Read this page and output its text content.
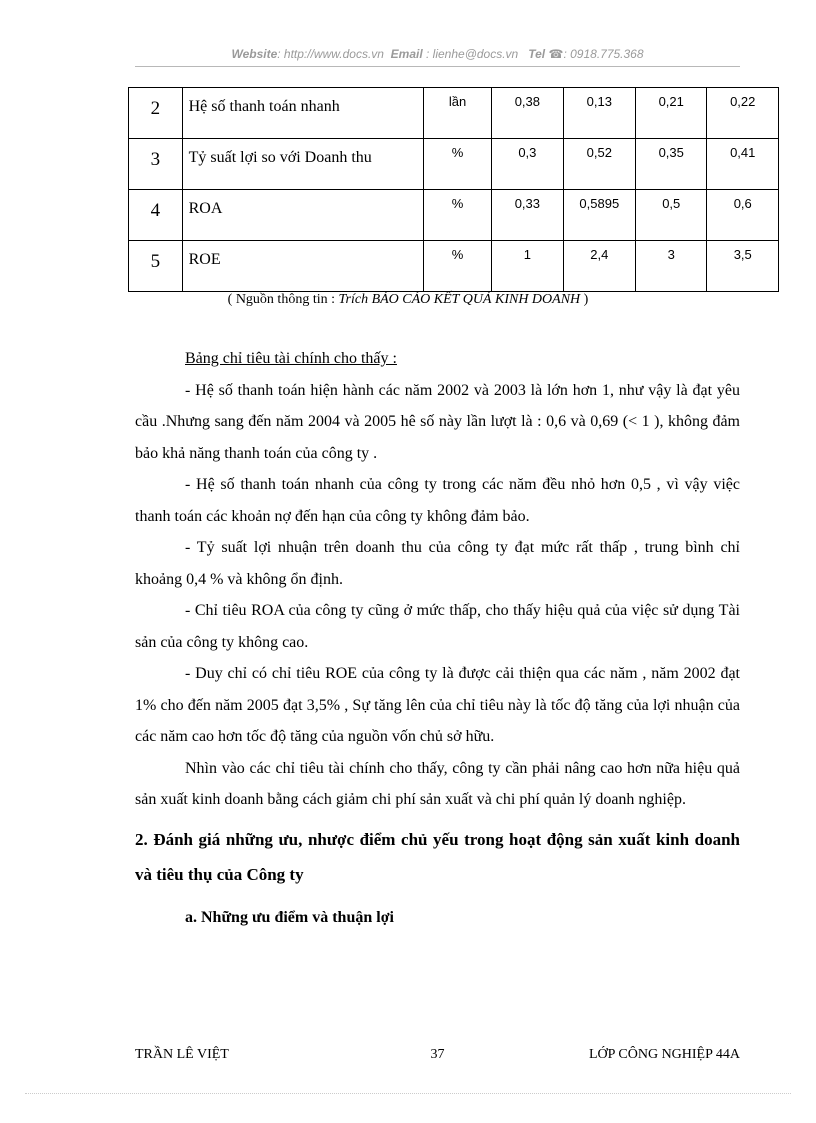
Website: http://www.docs.vn Email : lienhe@docs.vn Tel ☎: 0918.775.368
2	Hệ số thanh toán nhanh	lần	0,38	0,13	0,21	0,22
3	Tỷ suất lợi so với Doanh thu	%	0,3	0,52	0,35	0,41
4	ROA	%	0,33	0,5895	0,5	0,6
5	ROE	%	1	2,4	3	3,5
( Nguồn thông tin : Trích BÁO CÁO KẾT QUẢ KINH DOANH )

Bảng chỉ tiêu tài chính cho thấy :

- Hệ số thanh toán hiện hành các năm 2002 và 2003 là lớn hơn 1, như vậy là đạt yêu cầu .Nhưng sang đến năm 2004 và 2005 hê số này lần lượt là : 0,6 và 0,69 (< 1 ), không đảm bảo khả năng thanh toán của công ty .

- Hệ số thanh toán nhanh của công ty trong các năm đều nhỏ hơn 0,5 , vì vậy việc thanh toán các khoản nợ đến hạn của công ty không đảm bảo.

- Tỷ suất lợi nhuận trên doanh thu của công ty đạt mức rất thấp , trung bình chỉ khoảng 0,4 % và không ổn định.

- Chỉ tiêu ROA của công ty cũng ở mức thấp, cho thấy hiệu quả của việc sử dụng Tài sản của công ty không cao.

- Duy chỉ có chỉ tiêu ROE của công ty là được cải thiện qua các năm , năm 2002 đạt 1% cho đến năm 2005 đạt 3,5% , Sự tăng lên của chỉ tiêu này là tốc độ tăng của lợi nhuận của các năm cao hơn tốc độ tăng của nguồn vốn chủ sở hữu.

Nhìn vào các chỉ tiêu tài chính cho thấy, công ty cần phải nâng cao hơn nữa hiệu quả sản xuất kinh doanh bằng cách giảm chi phí sản xuất và chi phí quản lý doanh nghiệp.

2. Đánh giá những ưu, nhược điểm chủ yếu trong hoạt động sản xuất kinh doanh và tiêu thụ của Công ty

a. Những ưu điểm và thuận lợi

TRẦN LÊ VIỆT	37	LỚP CÔNG NGHIỆP 44A
